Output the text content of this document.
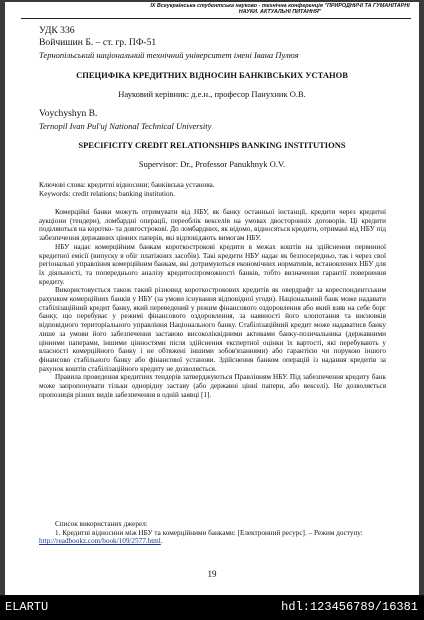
IX Всеукраїнська студентська науково - технічна конференція "ПРИРОДНИЧІ ТА ГУМАНІТАРНІ НАУКИ. АКТУАЛЬНІ ПИТАННЯ"
УДК 336
Войчишин Б. – ст. гр. ПФ-51
Тернопільський національний технічний університет імені Івана Пулюя
СПЕЦИФІКА КРЕДИТНИХ ВІДНОСИН БАНКІВСЬКИХ УСТАНОВ
Науковий керівник: д.е.н., професор Панухник О.В.
Voychyshyn B.
Ternopil Ivan Pul'uj National Technical University
SPECIFICITY CREDIT RELATIONSHIPS BANKING INSTITUTIONS
Supervisor: Dr., Professor Panukhnyk O.V.
Ключові слова: кредитні відносини; банківська установа.
Keywords: credit relations; banking institution.

Комерційні банки можуть отримувати від НБУ, як банку останньої інстанції, кредити через кредитні аукціони (тендери), ломбардні операції, переоблік векселів на умовах двосторонніх договорів. Ці кредити поділяються на коротко- та довгострокові. До ломбардних, як відомо, відносяться кредити, отримані від НБУ під забезпечення державних цінних паперів, які відповідають вимогам НБУ.

НБУ надає комерційним банкам короткострокові кредити в межах коштів на здійснення первинної кредитної емісії (випуску в обіг платіжних засобів). Такі кредити НБУ надає як безпосередньо, так і через свої регіональні управління комерційним банкам, які дотримуються економічних нормативів, встановлених НБУ для їх діяльності, та попереднього аналізу кредитоспроможності банків, тобто визначення гарантії повернення кредиту.

Використовується також такий різновид короткострокових кредитів як овердрафт за кореспондентським рахунком комерційних банків у НБУ (за умови існування відповідної угоди). Національний банк може надавати стабілізаційний кредит банку, який переведений у режим фінансового оздоровлення або який взяв на себе борг банку, що перебуває у режимі фінансового оздоровлення, за наявності його клопотання та висновків відповідного територіального управління Національного банку. Стабілізаційний кредит може надаватися банку лише за умови його забезпечення заставою високоліквідними активами банку-позичальника (державними цінними паперами, іншими цінностями після здійснення експертної оцінки їх вартості, які перебувають у власності комерційного банку і не обтяжені іншими зобов'язаннями) або гарантією чи порукою іншого фінансово стабільного банку або фінансової установи. Здійснення банком операцій із надання кредитів за рахунок коштів стабілізаційного кредиту не дозволяється.

Правила проведення кредитних тендерів затверджуються Правлінням НБУ. Під забезпечення кредиту банк може запропонувати тільки однорідну заставу (або державні цінні папери, або векселі). Не дозволяється пропозиція різних видів забезпечення в одній заявці [1].

Список використаних джерел:

1. Кредитні відносини між НБУ та комерційними банками: [Електронний ресурс]. – Режим доступу: http://readbookz.com/book/109/2577.html.

19
ELARTU	hdl:123456789/16381
